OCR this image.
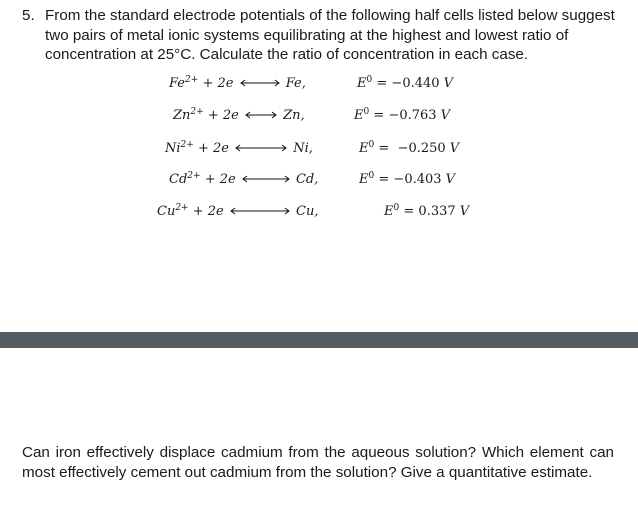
5. From the standard electrode potentials of the following half cells listed below suggest two pairs of metal ionic systems equilibrating at the highest and lowest ratio of concentration at 25°C. Calculate the ratio of concentration in each case.
$Fe^{2+} + 2e$	Fe,	$E^0 = -0.440$ V
$Zn^{2+} + 2e$	Zn,	$E^0 = -0.763$ V
$Ni^{2+} + 2e$	Ni,	$E^0 = -0.250$ V
$Cd^{2+} + 2e$	Cd,	$E^0 = -0.403$ V
$Cu^{2+} + 2e$	Cu,	$E^0 = 0.337$ V
Can iron effectively displace cadmium from the aqueous solution? Which element can most effectively cement out cadmium from the solution? Give a quantitative estimate.
